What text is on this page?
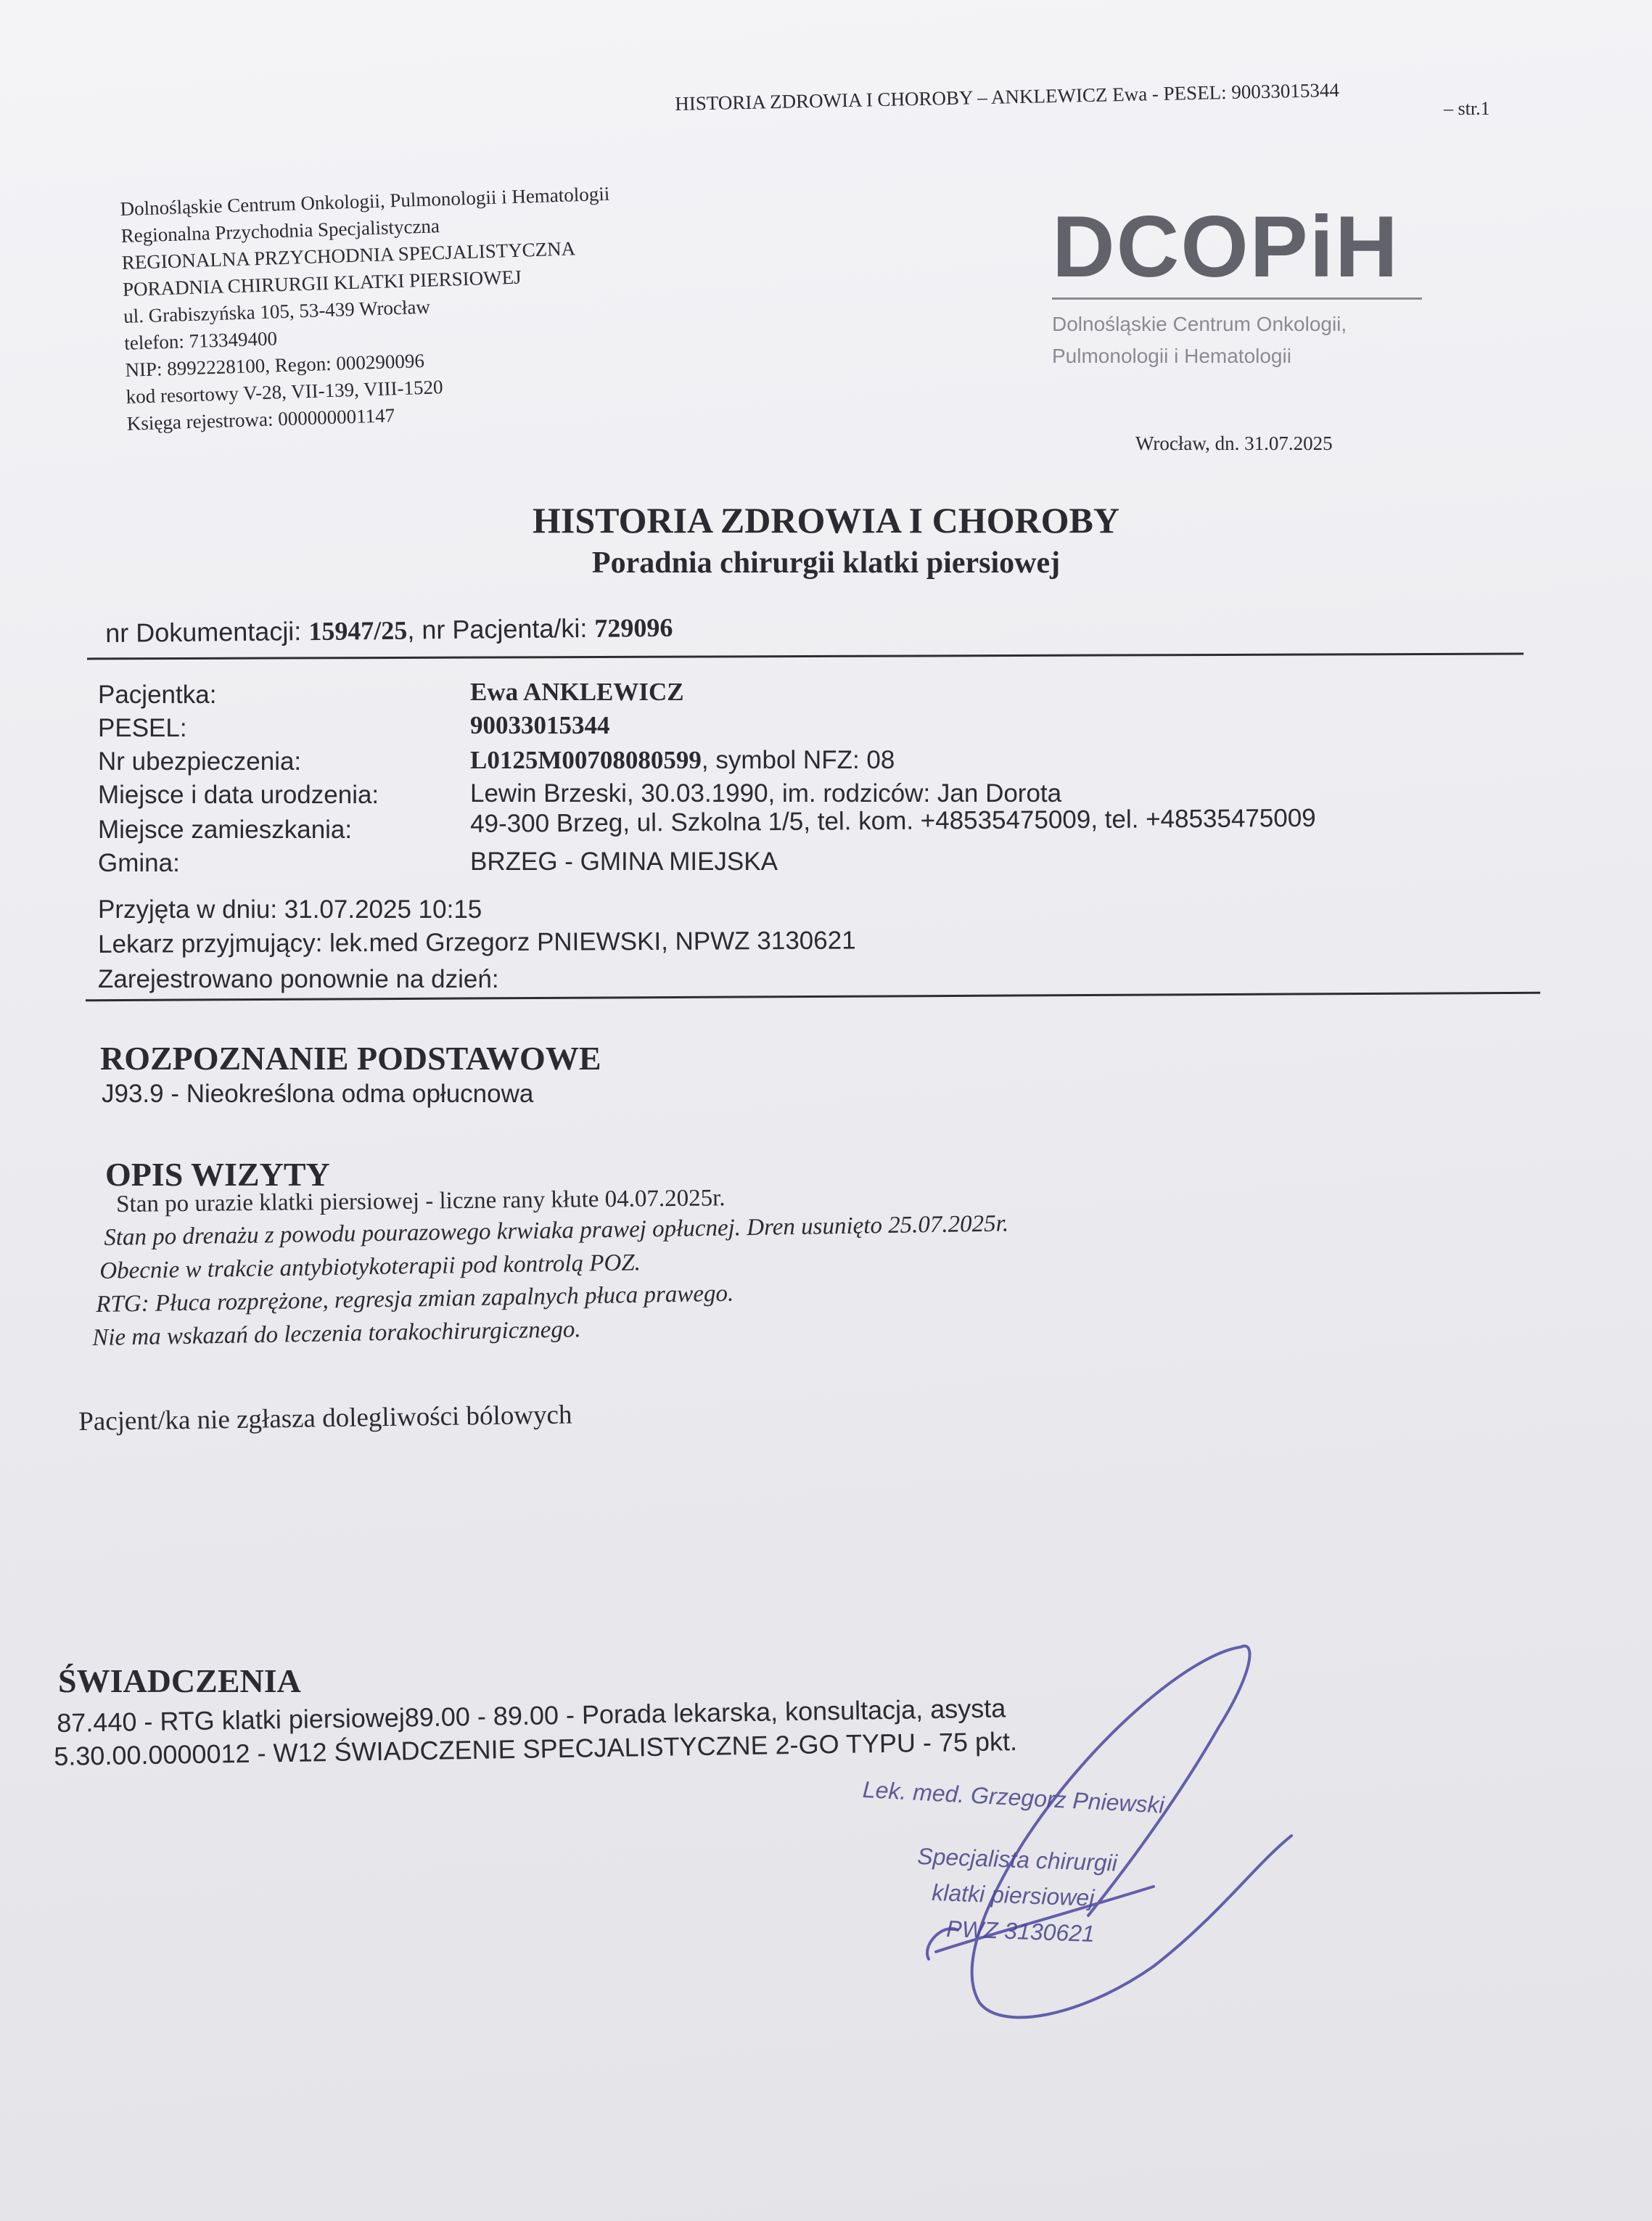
HISTORIA ZDROWIA I CHOROBY – ANKLEWICZ Ewa - PESEL: 90033015344	– str.1
Dolnośląskie Centrum Onkologii, Pulmonologii i Hematologii
Regionalna Przychodnia Specjalistyczna
REGIONALNA PRZYCHODNIA SPECJALISTYCZNA
PORADNIA CHIRURGII KLATKI PIERSIOWEJ
ul. Grabiszyńska 105, 53-439 Wrocław
telefon: 713349400
NIP: 8992228100, Regon: 000290096
kod resortowy V-28, VII-139, VIII-1520
Księga rejestrowa: 000000001147
DCOPiH
Dolnośląskie Centrum Onkologii,
Pulmonologii i Hematologii
Wrocław, dn. 31.07.2025
HISTORIA ZDROWIA I CHOROBY
Poradnia chirurgii klatki piersiowej
nr Dokumentacji: 15947/25, nr Pacjenta/ki: 729096
Pacjentka:
PESEL:
Nr ubezpieczenia:
Miejsce i data urodzenia:
Miejsce zamieszkania:
Gmina:
Ewa ANKLEWICZ
90033015344
L0125M00708080599, symbol NFZ: 08
Lewin Brzeski, 30.03.1990, im. rodziców: Jan Dorota
49-300 Brzeg, ul. Szkolna 1/5, tel. kom. +48535475009, tel. +48535475009
BRZEG - GMINA MIEJSKA
Przyjęta w dniu: 31.07.2025 10:15
Lekarz przyjmujący: lek.med Grzegorz PNIEWSKI, NPWZ 3130621
Zarejestrowano ponownie na dzień:
ROZPOZNANIE PODSTAWOWE
J93.9 - Nieokreślona odma opłucnowa
OPIS WIZYTY
Stan po urazie klatki piersiowej - liczne rany kłute 04.07.2025r.
Stan po drenażu z powodu pourazowego krwiaka prawej opłucnej. Dren usunięto 25.07.2025r.
Obecnie w trakcie antybiotykoterapii pod kontrolą POZ.
RTG: Płuca rozprężone, regresja zmian zapalnych płuca prawego.
Nie ma wskazań do leczenia torakochirurgicznego.
Pacjent/ka nie zgłasza dolegliwości bólowych
ŚWIADCZENIA
87.440 - RTG klatki piersiowej89.00 - 89.00 - Porada lekarska, konsultacja, asysta
5.30.00.0000012 - W12 ŚWIADCZENIE SPECJALISTYCZNE 2-GO TYPU - 75 pkt.
Lek. med. Grzegorz Pniewski
Specjalista chirurgii
klatki piersiowej
PWZ 3130621
